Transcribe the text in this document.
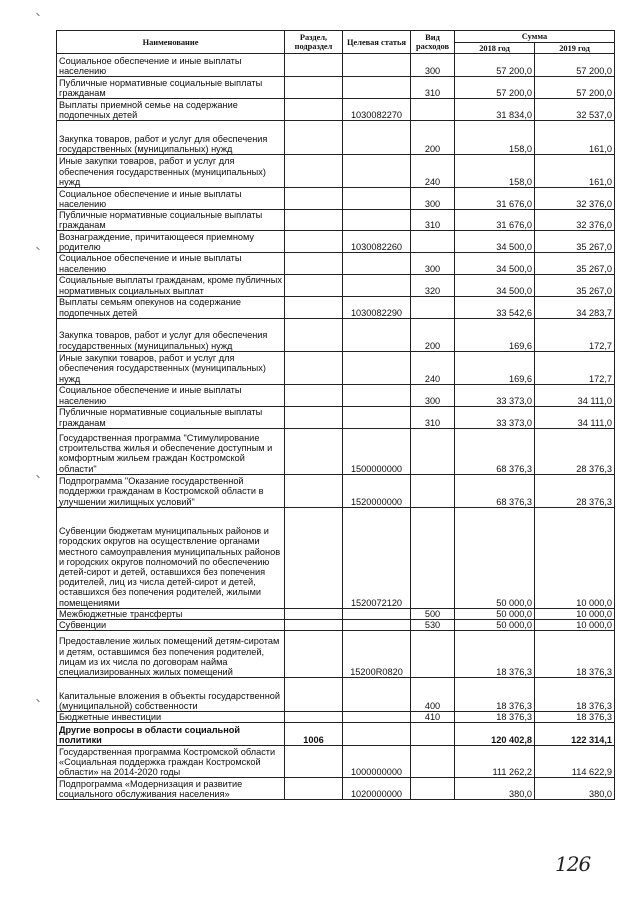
Наименование	Раздел, подраздел	Целевая статья	Вид расходов	Сумма	
				2018 год	2019 год
Социальное обеспечение и иные выплаты населению			300	57 200,0	57 200,0
Публичные нормативные социальные выплаты гражданам			310	57 200,0	57 200,0
Выплаты приемной семье на содержание подопечных детей		1030082270		31 834,0	32 537,0
Закупка товаров, работ и услуг для обеспечения государственных (муниципальных) нужд			200	158,0	161,0
Иные закупки товаров, работ и услуг для обеспечения государственных (муниципальных) нужд			240	158,0	161,0
Социальное обеспечение и иные выплаты населению			300	31 676,0	32 376,0
Публичные нормативные социальные выплаты гражданам			310	31 676,0	32 376,0
Вознаграждение, причитающееся приемному родителю		1030082260		34 500,0	35 267,0
Социальное обеспечение и иные выплаты населению			300	34 500,0	35 267,0
Социальные выплаты гражданам, кроме публичных нормативных социальных выплат			320	34 500,0	35 267,0
Выплаты семьям опекунов на содержание подопечных детей		1030082290		33 542,6	34 283,7
Закупка товаров, работ и услуг для обеспечения государственных (муниципальных) нужд			200	169,6	172,7
Иные закупки товаров, работ и услуг для обеспечения государственных (муниципальных) нужд			240	169,6	172,7
Социальное обеспечение и иные выплаты населению			300	33 373,0	34 111,0
Публичные нормативные социальные выплаты гражданам			310	33 373,0	34 111,0
Государственная программа "Стимулирование строительства жилья и обеспечение доступным и комфортным жильем граждан Костромской области"		1500000000		68 376,3	28 376,3
Подпрограмма "Оказание государственной поддержки гражданам в Костромской области в улучшении жилищных условий"		1520000000		68 376,3	28 376,3
Субвенции бюджетам муниципальных районов и городских округов на осуществление органами местного самоуправления муниципальных районов и городских округов полномочий по обеспечению детей-сирот и детей, оставшихся без попечения родителей, лиц из числа детей-сирот и детей, оставшихся без попечения родителей, жилыми помещениями		1520072120		50 000,0	10 000,0
Межбюджетные трансферты			500	50 000,0	10 000,0
Субвенции			530	50 000,0	10 000,0
Предоставление жилых помещений детям-сиротам и детям, оставшимся без попечения родителей, лицам из их числа по договорам найма специализированных жилых помещений		15200R0820		18 376,3	18 376,3
Капитальные вложения в объекты государственной (муниципальной) собственности			400	18 376,3	18 376,3
Бюджетные инвестиции			410	18 376,3	18 376,3
Другие вопросы в области социальной политики	1006			120 402,8	122 314,1
Государственная программа Костромской области «Социальная поддержка граждан Костромской области» на 2014-2020 годы		1000000000		111 262,2	114 622,9
Подпрограмма «Модернизация и развитие социального обслуживания населения»		1020000000		380,0	380,0
126
